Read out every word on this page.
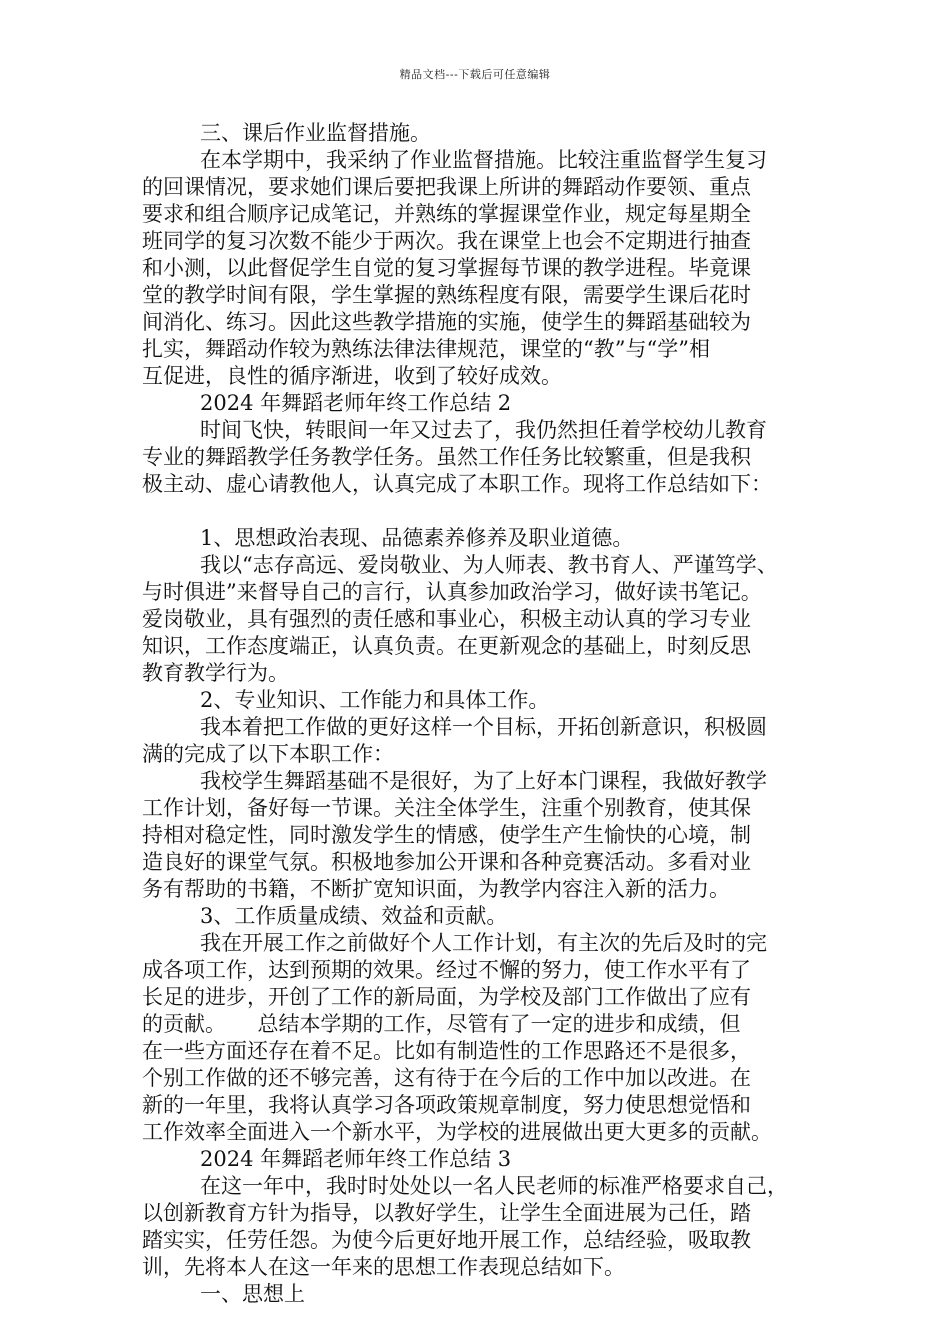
精品文档---下载后可任意编辑
三、课后作业监督措施。
在本学期中，我采纳了作业监督措施。比较注重监督学生复习
的回课情况，要求她们课后要把我课上所讲的舞蹈动作要领、重点
要求和组合顺序记成笔记，并熟练的掌握课堂作业，规定每星期全
班同学的复习次数不能少于两次。我在课堂上也会不定期进行抽查
和小测，以此督促学生自觉的复习掌握每节课的教学进程。毕竟课
堂的教学时间有限，学生掌握的熟练程度有限，需要学生课后花时
间消化、练习。因此这些教学措施的实施，使学生的舞蹈基础较为
扎实，舞蹈动作较为熟练法律法律规范，课堂的“教”与“学”相
互促进，良性的循序渐进，收到了较好成效。
2024 年舞蹈老师年终工作总结 2
时间飞快，转眼间一年又过去了，我仍然担任着学校幼儿教育
专业的舞蹈教学任务教学任务。虽然工作任务比较繁重，但是我积
极主动、虚心请教他人，认真完成了本职工作。现将工作总结如下：
1、思想政治表现、品德素养修养及职业道德。
我以“志存高远、爱岗敬业、为人师表、教书育人、严谨笃学、
与时俱进”来督导自己的言行，认真参加政治学习，做好读书笔记。
爱岗敬业，具有强烈的责任感和事业心，积极主动认真的学习专业
知识，工作态度端正，认真负责。在更新观念的基础上，时刻反思
教育教学行为。
2、专业知识、工作能力和具体工作。
我本着把工作做的更好这样一个目标，开拓创新意识，积极圆
满的完成了以下本职工作：
我校学生舞蹈基础不是很好，为了上好本门课程，我做好教学
工作计划，备好每一节课。关注全体学生，注重个别教育，使其保
持相对稳定性，同时激发学生的情感，使学生产生愉快的心境，制
造良好的课堂气氛。积极地参加公开课和各种竞赛活动。多看对业
务有帮助的书籍，不断扩宽知识面，为教学内容注入新的活力。
3、工作质量成绩、效益和贡献。
我在开展工作之前做好个人工作计划，有主次的先后及时的完
成各项工作，达到预期的效果。经过不懈的努力，使工作水平有了
长足的进步，开创了工作的新局面，为学校及部门工作做出了应有
的贡献。　　总结本学期的工作，尽管有了一定的进步和成绩，但
在一些方面还存在着不足。比如有制造性的工作思路还不是很多，
个别工作做的还不够完善，这有待于在今后的工作中加以改进。在
新的一年里，我将认真学习各项政策规章制度，努力使思想觉悟和
工作效率全面进入一个新水平，为学校的进展做出更大更多的贡献。
2024 年舞蹈老师年终工作总结 3
在这一年中，我时时处处以一名人民老师的标准严格要求自己，
以创新教育方针为指导，以教好学生，让学生全面进展为己任，踏
踏实实，任劳任怨。为使今后更好地开展工作，总结经验，吸取教
训，先将本人在这一年来的思想工作表现总结如下。
一、思想上
